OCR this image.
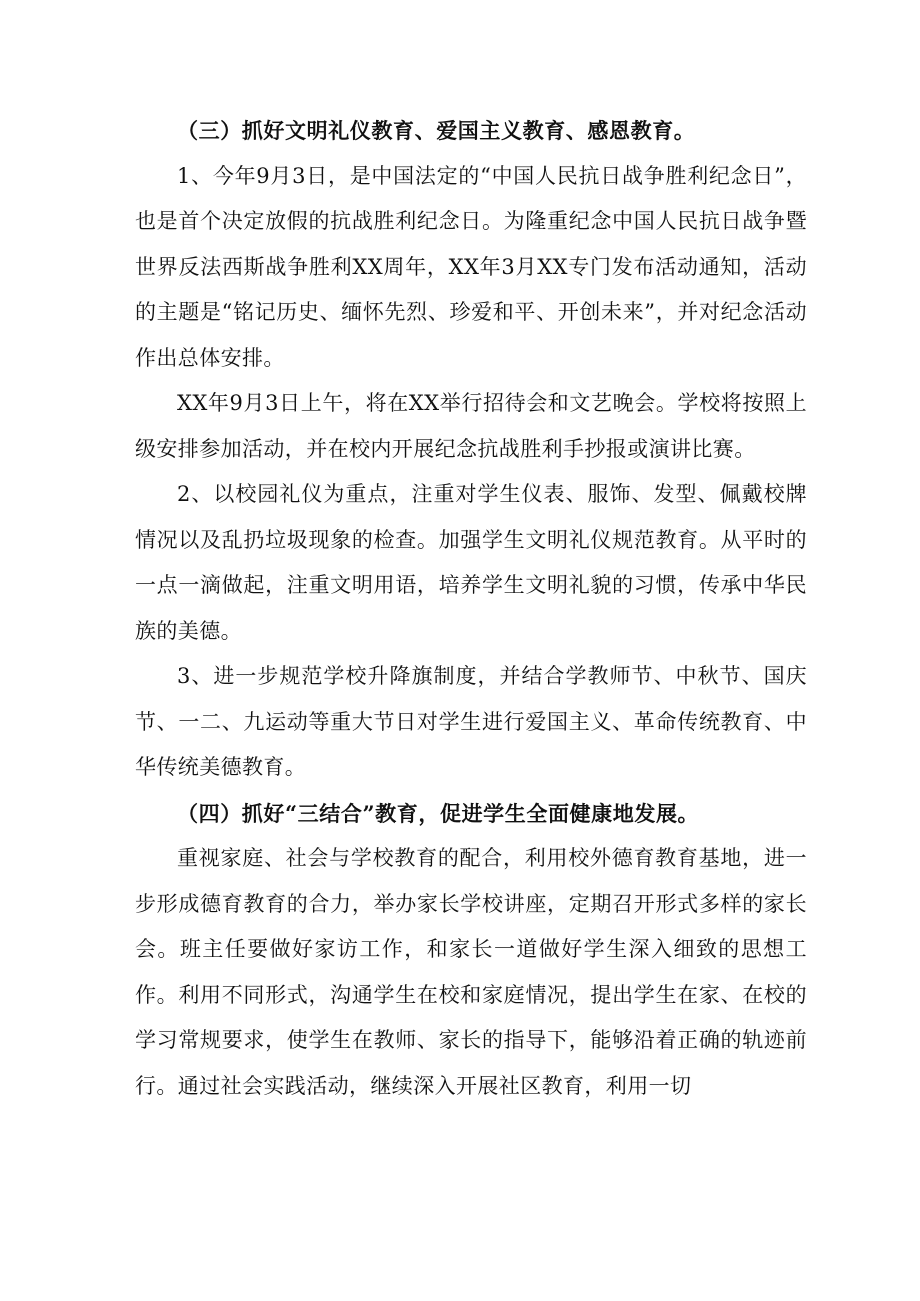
（三）抓好文明礼仪教育、爱国主义教育、感恩教育。

1、今年9月3日，是中国法定的“中国人民抗日战争胜利纪念日”，也是首个决定放假的抗战胜利纪念日。为隆重纪念中国人民抗日战争暨世界反法西斯战争胜利XX周年，XX年3月XX专门发布活动通知，活动的主题是“铭记历史、缅怀先烈、珍爱和平、开创未来”，并对纪念活动作出总体安排。

XX年9月3日上午，将在XX举行招待会和文艺晚会。学校将按照上级安排参加活动，并在校内开展纪念抗战胜利手抄报或演讲比赛。

2、以校园礼仪为重点，注重对学生仪表、服饰、发型、佩戴校牌情况以及乱扔垃圾现象的检查。加强学生文明礼仪规范教育。从平时的一点一滴做起，注重文明用语，培养学生文明礼貌的习惯，传承中华民族的美德。

3、进一步规范学校升降旗制度，并结合学教师节、中秋节、国庆节、一二、九运动等重大节日对学生进行爱国主义、革命传统教育、中华传统美德教育。

（四）抓好“三结合”教育，促进学生全面健康地发展。

重视家庭、社会与学校教育的配合，利用校外德育教育基地，进一步形成德育教育的合力，举办家长学校讲座，定期召开形式多样的家长会。班主任要做好家访工作，和家长一道做好学生深入细致的思想工作。利用不同形式，沟通学生在校和家庭情况，提出学生在家、在校的学习常规要求，使学生在教师、家长的指导下，能够沿着正确的轨迹前行。通过社会实践活动，继续深入开展社区教育，利用一切
